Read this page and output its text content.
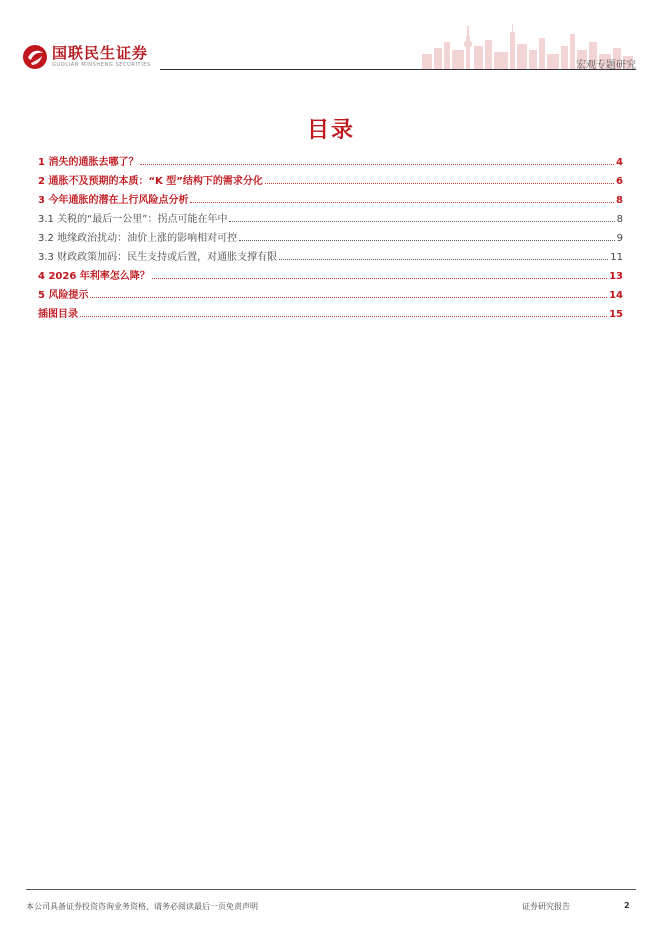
国联民生证券
GUOLIAN MINSHENG SECURITIES	宏观专题研究
目录
1 消失的通胀去哪了？	4
2 通胀不及预期的本质：“K 型”结构下的需求分化	6
3 今年通胀的潜在上行风险点分析	8
3.1 关税的“最后一公里”：拐点可能在年中	8
3.2 地缘政治扰动：油价上涨的影响相对可控	9
3.3 财政政策加码：民生支持或后置，对通胀支撑有限	11
4 2026 年利率怎么降？	13
5 风险提示	14
插图目录	15
本公司具备证券投资咨询业务资格，请务必阅读最后一页免责声明	证券研究报告	2
